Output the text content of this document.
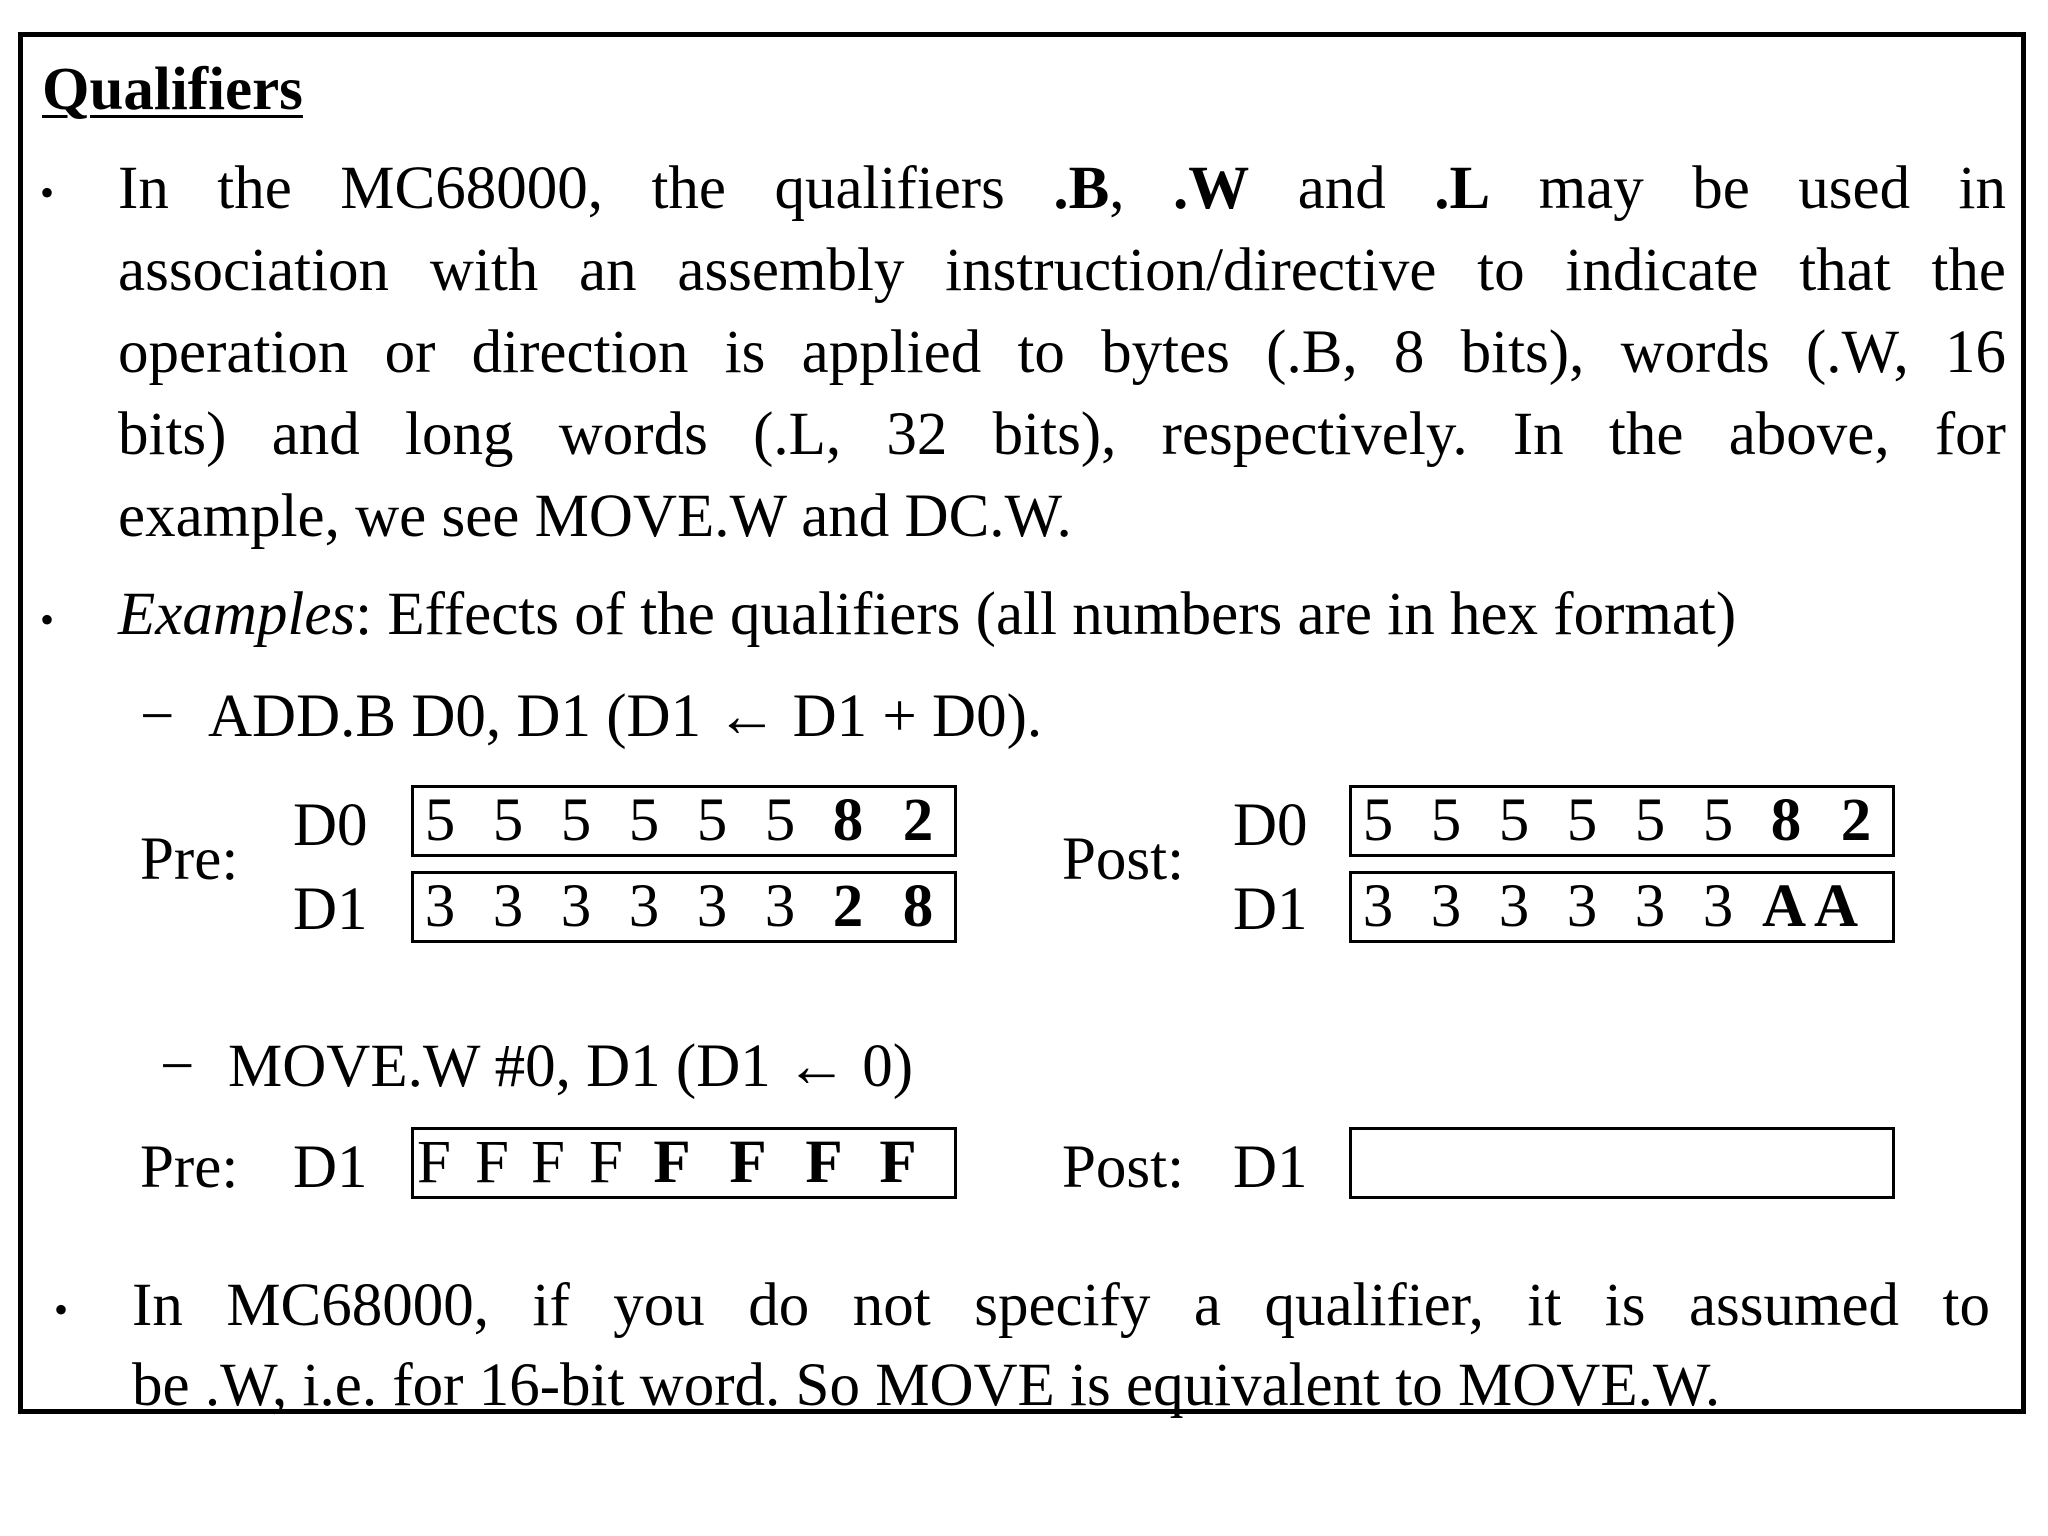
Qualifiers
• In the MC68000, the qualifiers .B, .W and .L may be used in
association with an assembly instruction/directive to indicate that the
operation or direction is applied to bytes (.B, 8 bits), words (.W, 16
bits) and long words (.L, 32 bits), respectively. In the above, for
example, we see MOVE.W and DC.W.
• Examples: Effects of the qualifiers (all numbers are in hex format)
− ADD.B D0, D1 (D1 ← D1 + D0).
Pre:
D0
D1
5 5 5 5 5 5 8 2
3 3 3 3 3 3 2 8
Post:
D0
D1
5 5 5 5 5 5 8 2
3 3 3 3 3 3 A A
− MOVE.W #0, D1 (D1 ← 0)
Pre: D1 F F F F F F F F Post: D1
• In MC68000, if you do not specify a qualifier, it is assumed to
be .W, i.e. for 16-bit word. So MOVE is equivalent to MOVE.W.
